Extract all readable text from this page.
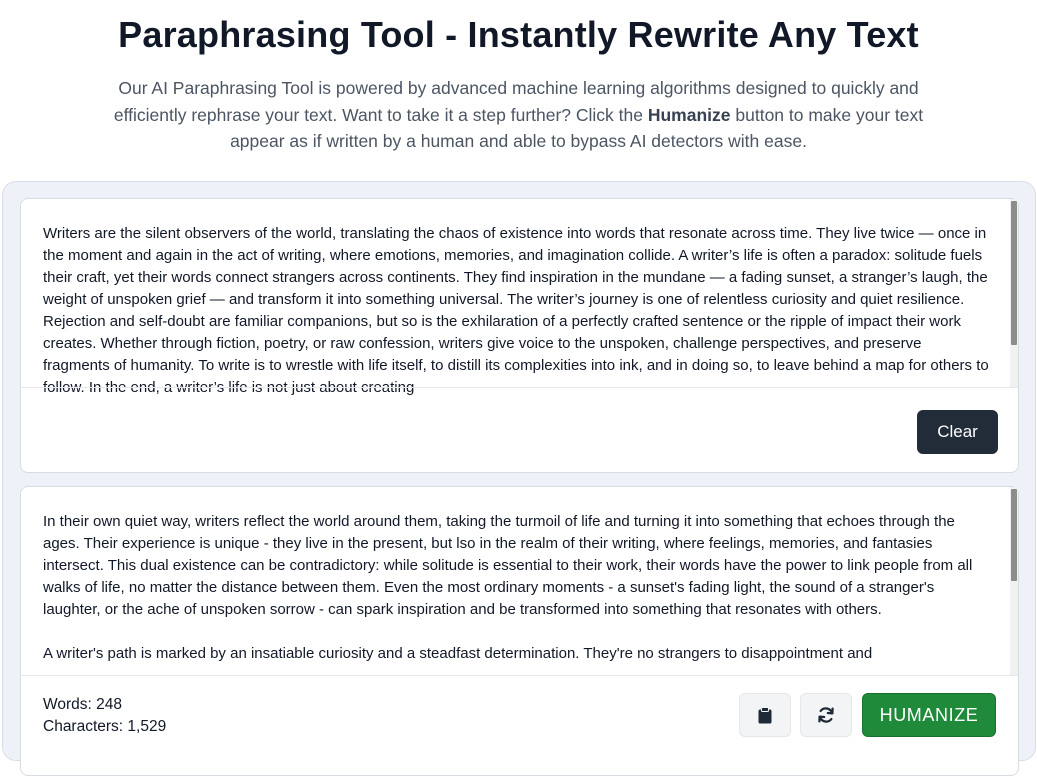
Paraphrasing Tool - Instantly Rewrite Any Text

Our AI Paraphrasing Tool is powered by advanced machine learning algorithms designed to quickly and efficiently rephrase your text. Want to take it a step further? Click the Humanize button to make your text appear as if written by a human and able to bypass AI detectors with ease.

Writers are the silent observers of the world, translating the chaos of existence into words that resonate across time. They live twice — once in the moment and again in the act of writing, where emotions, memories, and imagination collide. A writer’s life is often a paradox: solitude fuels their craft, yet their words connect strangers across continents. They find inspiration in the mundane — a fading sunset, a stranger’s laugh, the weight of unspoken grief — and transform it into something universal. The writer’s journey is one of relentless curiosity and quiet resilience. Rejection and self-doubt are familiar companions, but so is the exhilaration of a perfectly crafted sentence or the ripple of impact their work creates. Whether through fiction, poetry, or raw confession, writers give voice to the unspoken, challenge perspectives, and preserve fragments of humanity. To write is to wrestle with life itself, to distill its complexities into ink, and in doing so, to leave behind a map for others to follow. In the end, a writer’s life is not just about creating

Clear

In their own quiet way, writers reflect the world around them, taking the turmoil of life and turning it into something that echoes through the ages. Their experience is unique - they live in the present, but lso in the realm of their writing, where feelings, memories, and fantasies intersect. This dual existence can be contradictory: while solitude is essential to their work, their words have the power to link people from all walks of life, no matter the distance between them. Even the most ordinary moments - a sunset's fading light, the sound of a stranger's laughter, or the ache of unspoken sorrow - can spark inspiration and be transformed into something that resonates with others.

A writer's path is marked by an insatiable curiosity and a steadfast determination. They're no strangers to disappointment and

Words: 248
Characters: 1,529
HUMANIZE
